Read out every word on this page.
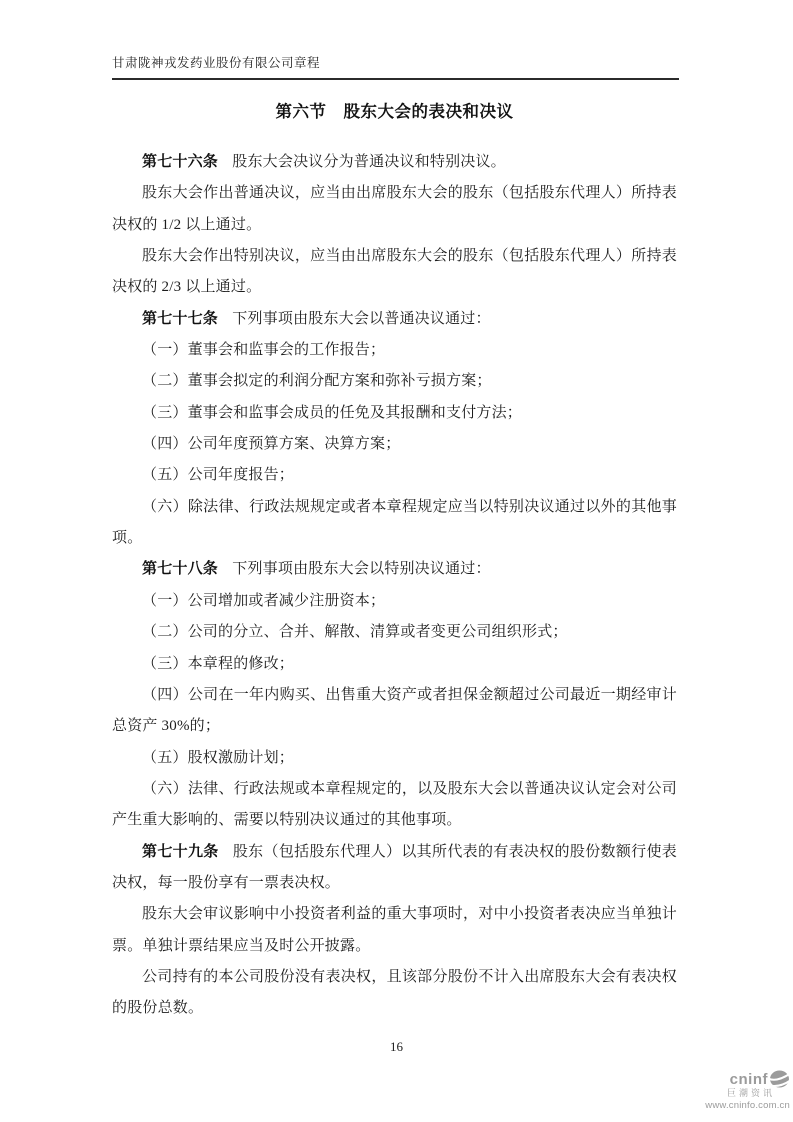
甘肃陇神戎发药业股份有限公司章程
第六节　股东大会的表决和决议

第七十六条 股东大会决议分为普通决议和特别决议。

股东大会作出普通决议，应当由出席股东大会的股东（包括股东代理人）所持表决权的 1/2 以上通过。

股东大会作出特别决议，应当由出席股东大会的股东（包括股东代理人）所持表决权的 2/3 以上通过。

第七十七条 下列事项由股东大会以普通决议通过：

（一）董事会和监事会的工作报告；

（二）董事会拟定的利润分配方案和弥补亏损方案；

（三）董事会和监事会成员的任免及其报酬和支付方法；

（四）公司年度预算方案、决算方案；

（五）公司年度报告；

（六）除法律、行政法规规定或者本章程规定应当以特别决议通过以外的其他事项。

第七十八条 下列事项由股东大会以特别决议通过：

（一）公司增加或者减少注册资本；

（二）公司的分立、合并、解散、清算或者变更公司组织形式；

（三）本章程的修改；

（四）公司在一年内购买、出售重大资产或者担保金额超过公司最近一期经审计总资产 30%的；

（五）股权激励计划；

（六）法律、行政法规或本章程规定的，以及股东大会以普通决议认定会对公司产生重大影响的、需要以特别决议通过的其他事项。

第七十九条 股东（包括股东代理人）以其所代表的有表决权的股份数额行使表决权，每一股份享有一票表决权。

股东大会审议影响中小投资者利益的重大事项时，对中小投资者表决应当单独计票。单独计票结果应当及时公开披露。

公司持有的本公司股份没有表决权，且该部分股份不计入出席股东大会有表决权的股份总数。

16
cninf
巨潮资讯
www.cninfo.com.cn
